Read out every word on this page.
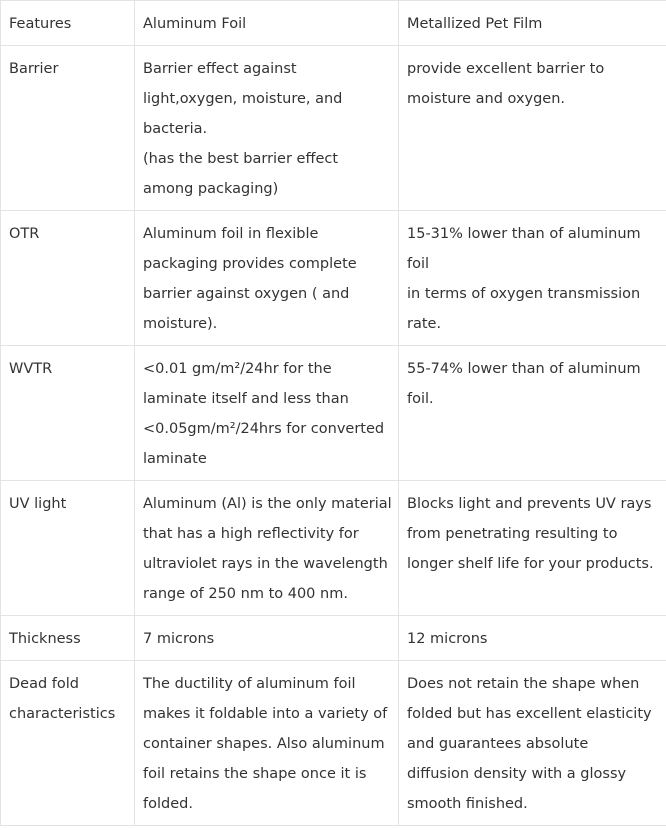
Features	Aluminum Foil	Metallized Pet Film

Barrier	Barrier effect against
light,oxygen, moisture, and
bacteria.
(has the best barrier effect
among packaging)	provide excellent barrier to
moisture and oxygen.

OTR	Aluminum foil in flexible
packaging provides complete
barrier against oxygen ( and
moisture).	15-31% lower than of aluminum foil
in terms of oxygen transmission
rate.

WVTR	<0.01 gm/m²/24hr for the
laminate itself and less than
<0.05gm/m²/24hrs for converted
laminate	55-74% lower than of aluminum
foil.

UV light	Aluminum (Al) is the only material
that has a high reflectivity for
ultraviolet rays in the wavelength
range of 250 nm to 400 nm.	Blocks light and prevents UV rays
from penetrating resulting to
longer shelf life for your products.

Thickness	7 microns	12 microns

Dead fold
characteristics	The ductility of aluminum foil
makes it foldable into a variety of
container shapes. Also aluminum
foil retains the shape once it is
folded.	Does not retain the shape when
folded but has excellent elasticity
and guarantees absolute
diffusion density with a glossy
smooth finished.
